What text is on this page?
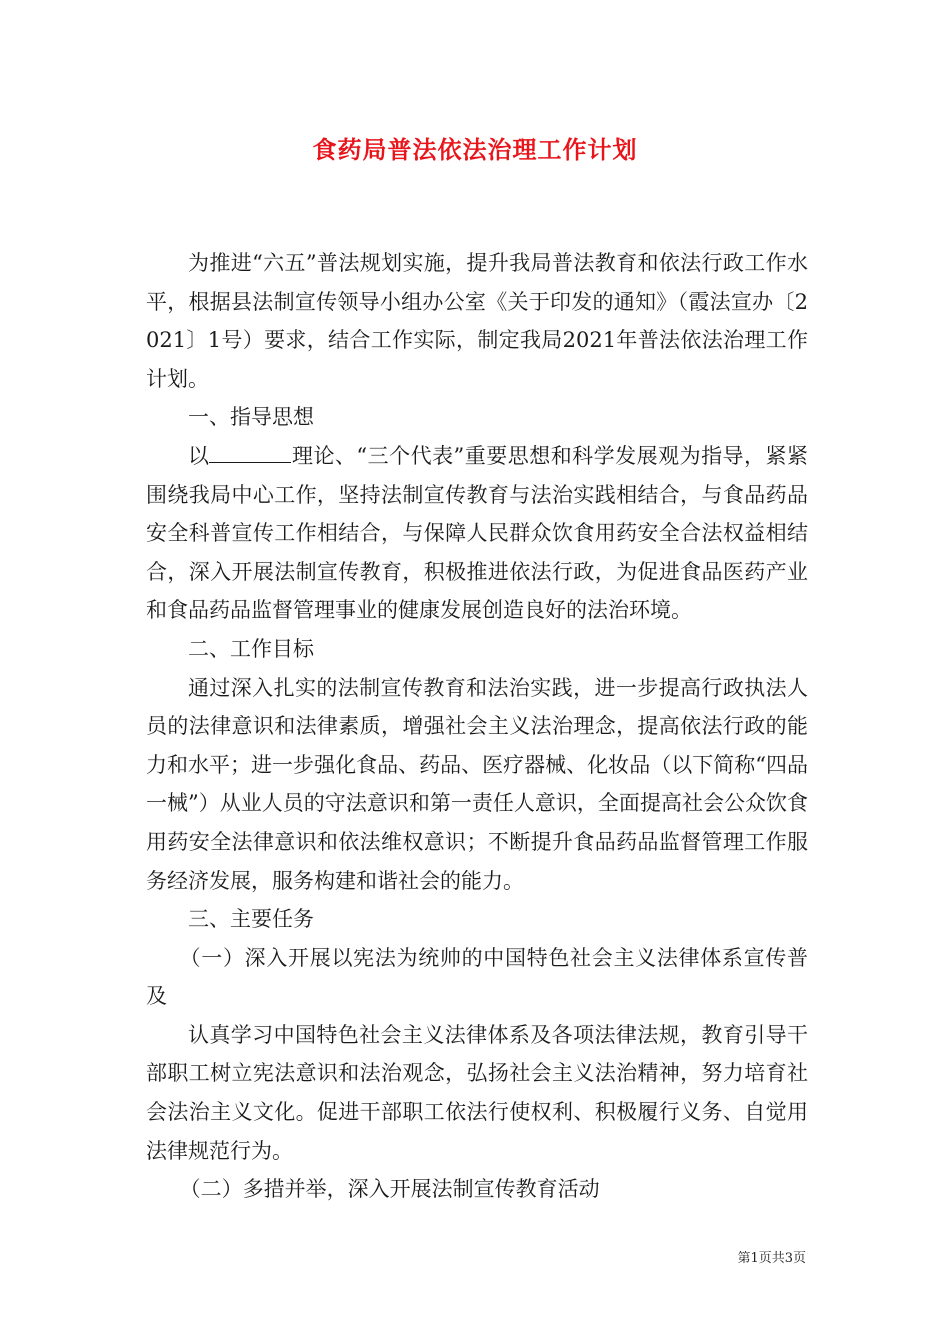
食药局普法依法治理工作计划

为推进“六五”普法规划实施，提升我局普法教育和依法行政工作水平，根据县法制宣传领导小组办公室《关于印发的通知》（霞法宣办〔2021〕1号）要求，结合工作实际，制定我局2021年普法依法治理工作计划。

一、指导思想

以	理论、“三个代表”重要思想和科学发展观为指导，紧紧围绕我局中心工作，坚持法制宣传教育与法治实践相结合，与食品药品安全科普宣传工作相结合，与保障人民群众饮食用药安全合法权益相结合，深入开展法制宣传教育，积极推进依法行政，为促进食品医药产业和食品药品监督管理事业的健康发展创造良好的法治环境。

二、工作目标

通过深入扎实的法制宣传教育和法治实践，进一步提高行政执法人员的法律意识和法律素质，增强社会主义法治理念，提高依法行政的能力和水平；进一步强化食品、药品、医疗器械、化妆品（以下简称“四品一械”）从业人员的守法意识和第一责任人意识，全面提高社会公众饮食用药安全法律意识和依法维权意识；不断提升食品药品监督管理工作服务经济发展，服务构建和谐社会的能力。

三、主要任务

（一）深入开展以宪法为统帅的中国特色社会主义法律体系宣传普及

认真学习中国特色社会主义法律体系及各项法律法规，教育引导干部职工树立宪法意识和法治观念，弘扬社会主义法治精神，努力培育社会法治主义文化。促进干部职工依法行使权利、积极履行义务、自觉用法律规范行为。

（二）多措并举，深入开展法制宣传教育活动

第1页共3页
